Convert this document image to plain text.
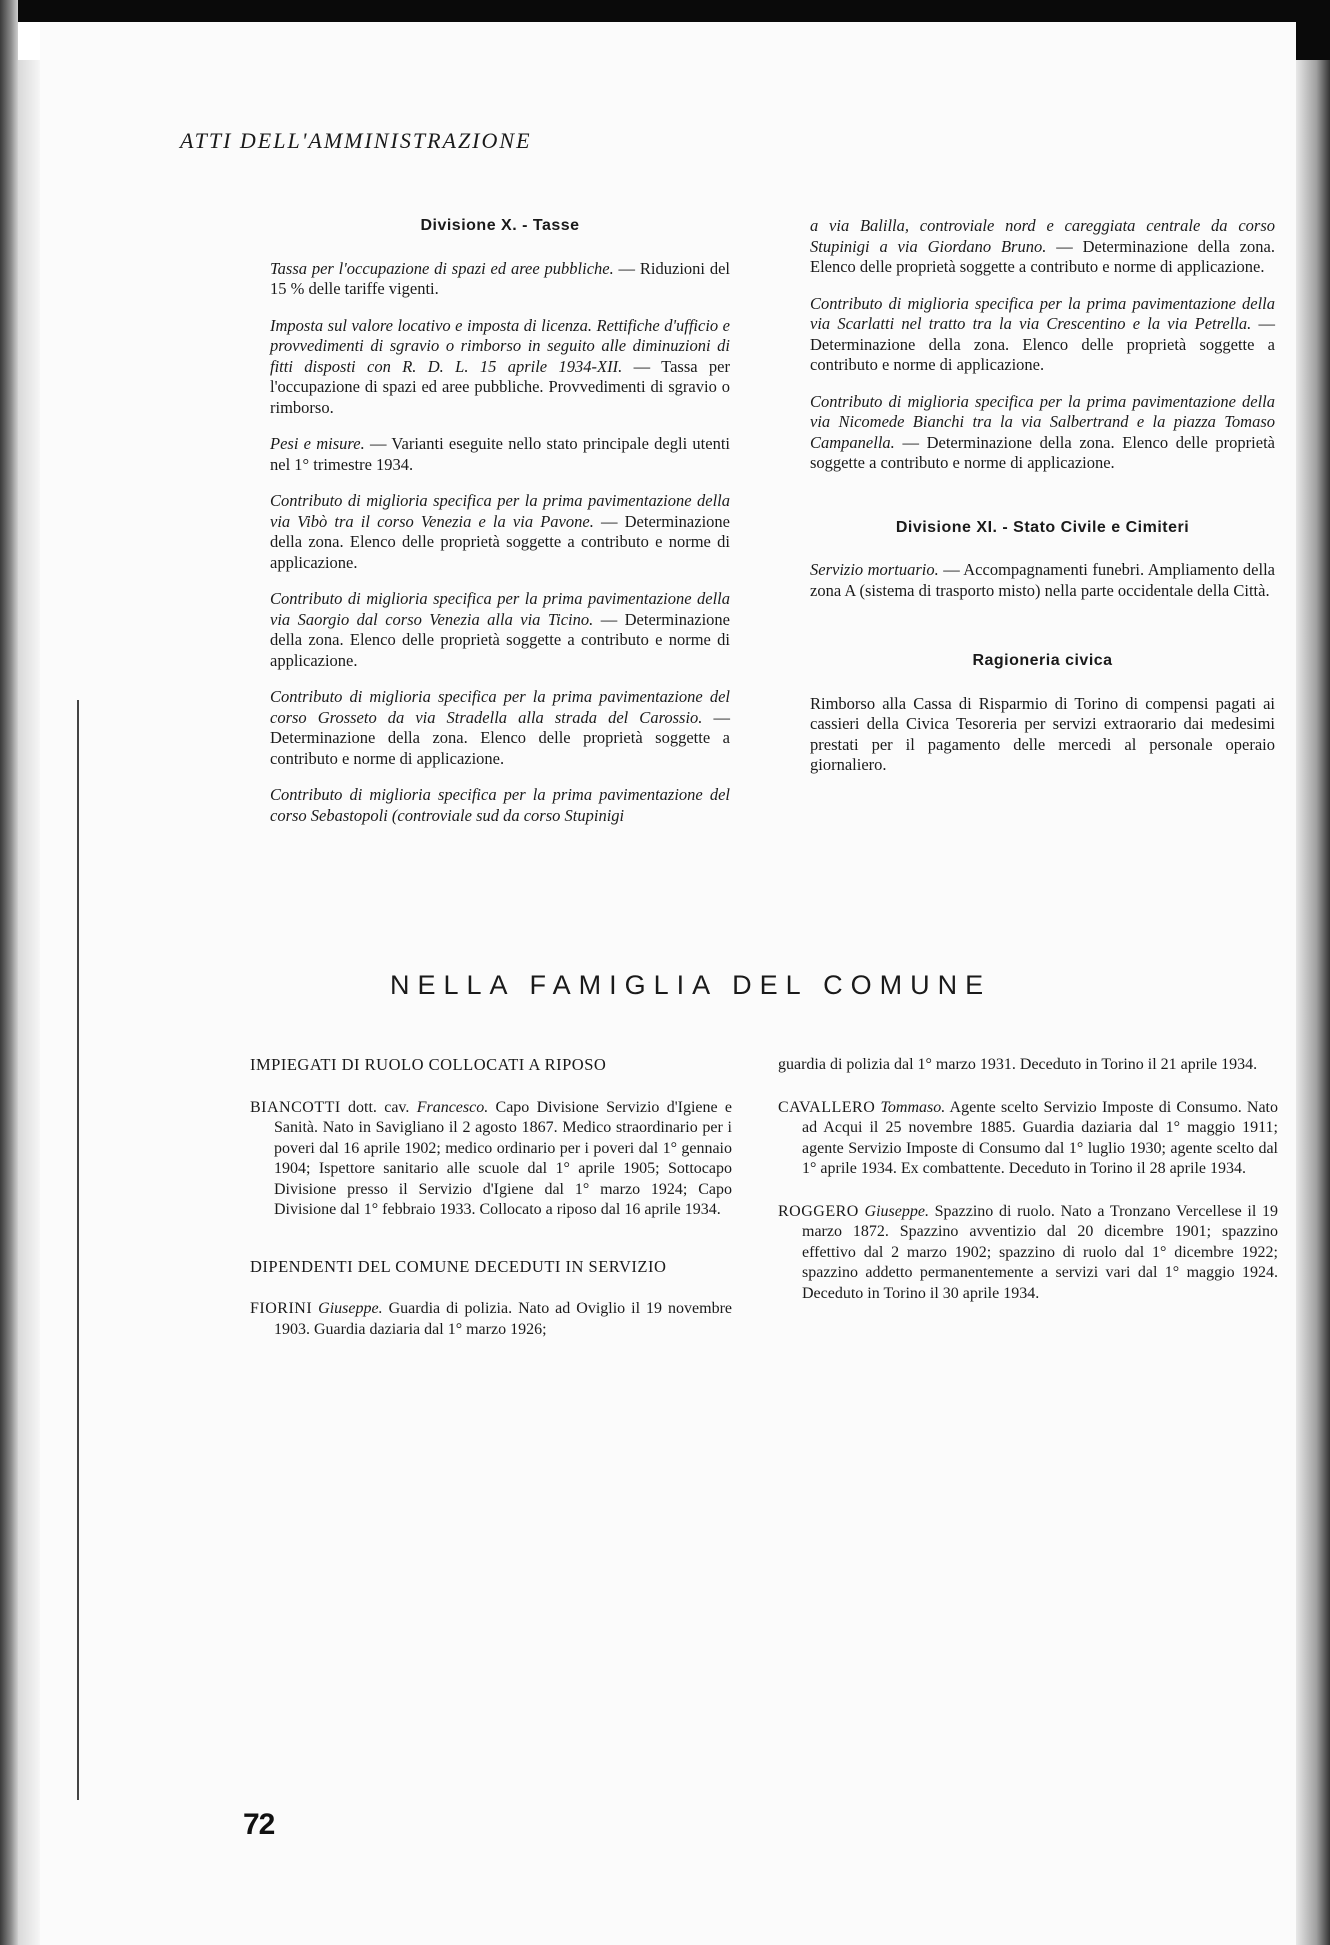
ATTI DELL'AMMINISTRAZIONE
Divisione X. - Tasse

Tassa per l'occupazione di spazi ed aree pubbliche. — Riduzioni del 15 % delle tariffe vigenti.

Imposta sul valore locativo e imposta di licenza. Rettifiche d'ufficio e provvedimenti di sgravio o rimborso in seguito alle diminuzioni di fitti disposti con R. D. L. 15 aprile 1934-XII. — Tassa per l'occupazione di spazi ed aree pubbliche. Provvedimenti di sgravio o rimborso.

Pesi e misure. — Varianti eseguite nello stato principale degli utenti nel 1° trimestre 1934.

Contributo di miglioria specifica per la prima pavimentazione della via Vibò tra il corso Venezia e la via Pavone. — Determinazione della zona. Elenco delle proprietà soggette a contributo e norme di applicazione.

Contributo di miglioria specifica per la prima pavimentazione della via Saorgio dal corso Venezia alla via Ticino. — Determinazione della zona. Elenco delle proprietà soggette a contributo e norme di applicazione.

Contributo di miglioria specifica per la prima pavimentazione del corso Grosseto da via Stradella alla strada del Carossio. — Determinazione della zona. Elenco delle proprietà soggette a contributo e norme di applicazione.

Contributo di miglioria specifica per la prima pavimentazione del corso Sebastopoli (controviale sud da corso Stupinigi

a via Balilla, controviale nord e careggiata centrale da corso Stupinigi a via Giordano Bruno. — Determinazione della zona. Elenco delle proprietà soggette a contributo e norme di applicazione.

Contributo di miglioria specifica per la prima pavimentazione della via Scarlatti nel tratto tra la via Crescentino e la via Petrella. — Determinazione della zona. Elenco delle proprietà soggette a contributo e norme di applicazione.

Contributo di miglioria specifica per la prima pavimentazione della via Nicomede Bianchi tra la via Salbertrand e la piazza Tomaso Campanella. — Determinazione della zona. Elenco delle proprietà soggette a contributo e norme di applicazione.

Divisione XI. - Stato Civile e Cimiteri

Servizio mortuario. — Accompagnamenti funebri. Ampliamento della zona A (sistema di trasporto misto) nella parte occidentale della Città.

Ragioneria civica

Rimborso alla Cassa di Risparmio di Torino di compensi pagati ai cassieri della Civica Tesoreria per servizi extraorario dai medesimi prestati per il pagamento delle mercedi al personale operaio giornaliero.

NELLA FAMIGLIA DEL COMUNE
IMPIEGATI DI RUOLO COLLOCATI A RIPOSO
BIANCOTTI dott. cav. Francesco. Capo Divisione Servizio d'Igiene e Sanità. Nato in Savigliano il 2 agosto 1867. Medico straordinario per i poveri dal 16 aprile 1902; medico ordinario per i poveri dal 1° gennaio 1904; Ispettore sanitario alle scuole dal 1° aprile 1905; Sottocapo Divisione presso il Servizio d'Igiene dal 1° marzo 1924; Capo Divisione dal 1° febbraio 1933. Collocato a riposo dal 16 aprile 1934.
DIPENDENTI DEL COMUNE DECEDUTI IN SERVIZIO
FIORINI Giuseppe. Guardia di polizia. Nato ad Oviglio il 19 novembre 1903. Guardia daziaria dal 1° marzo 1926;
guardia di polizia dal 1° marzo 1931. Deceduto in Torino il 21 aprile 1934.
CAVALLERO Tommaso. Agente scelto Servizio Imposte di Consumo. Nato ad Acqui il 25 novembre 1885. Guardia daziaria dal 1° maggio 1911; agente Servizio Imposte di Consumo dal 1° luglio 1930; agente scelto dal 1° aprile 1934. Ex combattente. Deceduto in Torino il 28 aprile 1934.
ROGGERO Giuseppe. Spazzino di ruolo. Nato a Tronzano Vercellese il 19 marzo 1872. Spazzino avventizio dal 20 dicembre 1901; spazzino effettivo dal 2 marzo 1902; spazzino di ruolo dal 1° dicembre 1922; spazzino addetto permanentemente a servizi vari dal 1° maggio 1924. Deceduto in Torino il 30 aprile 1934.
72
